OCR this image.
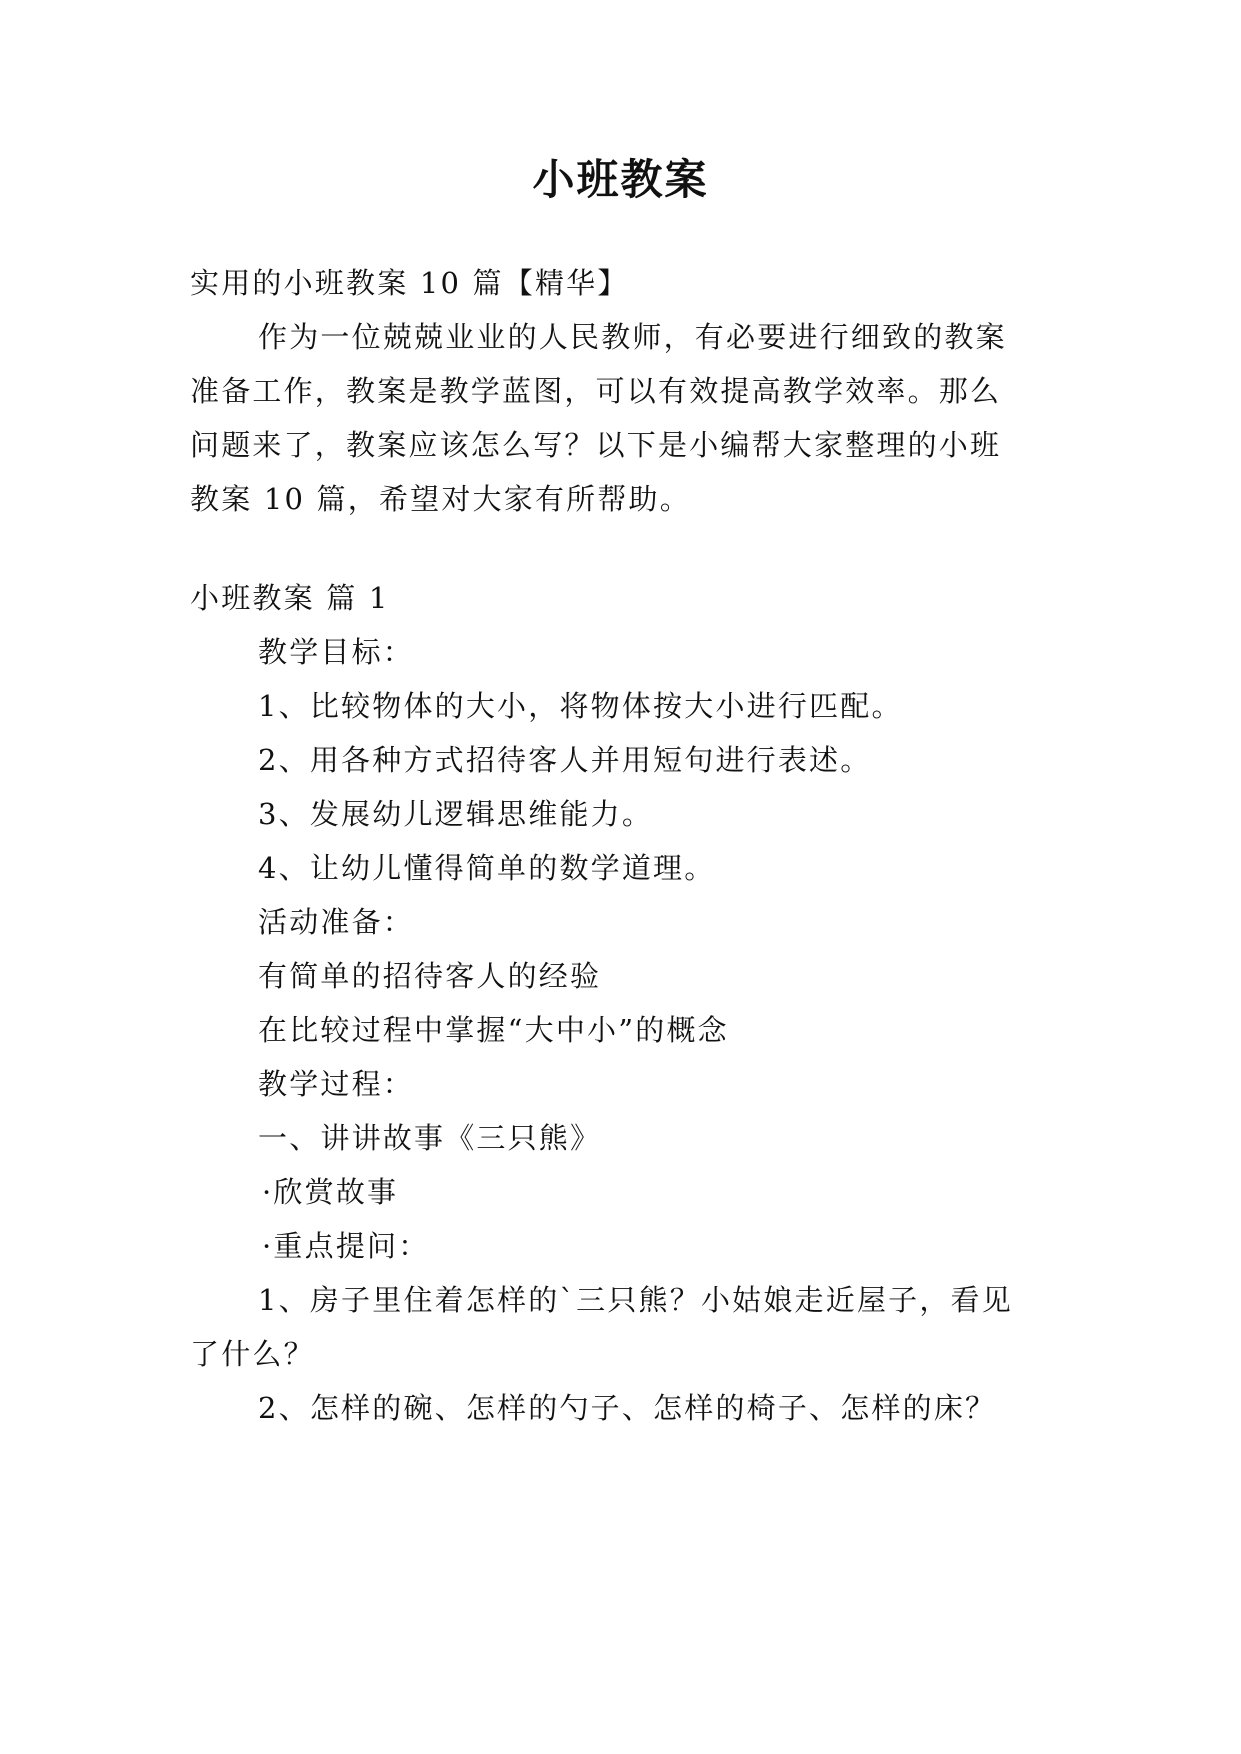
小班教案
实用的小班教案 10 篇【精华】
作为一位兢兢业业的人民教师，有必要进行细致的教案
准备工作，教案是教学蓝图，可以有效提高教学效率。那么
问题来了，教案应该怎么写？以下是小编帮大家整理的小班
教案 10 篇，希望对大家有所帮助。
小班教案 篇 1
教学目标：
1、比较物体的大小，将物体按大小进行匹配。
2、用各种方式招待客人并用短句进行表述。
3、发展幼儿逻辑思维能力。
4、让幼儿懂得简单的数学道理。
活动准备：
有简单的招待客人的经验
在比较过程中掌握“大中小”的概念
教学过程：
一、讲讲故事《三只熊》
·欣赏故事
·重点提问：
1、房子里住着怎样的`三只熊？小姑娘走近屋子，看见
了什么？
2、怎样的碗、怎样的勺子、怎样的椅子、怎样的床？
